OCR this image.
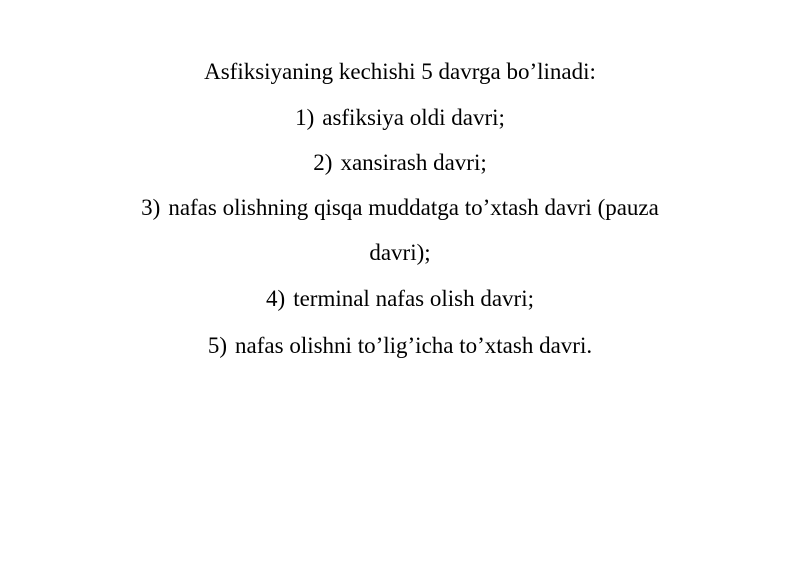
Asfiksiyaning kechishi 5 davrga bo’linadi:
1) asfiksiya oldi davri;
2) xansirash davri;
3) nafas olishning qisqa muddatga to’xtash davri (pauza
davri);
4) terminal nafas olish davri;
5) nafas olishni to’lig’icha to’xtash davri.
